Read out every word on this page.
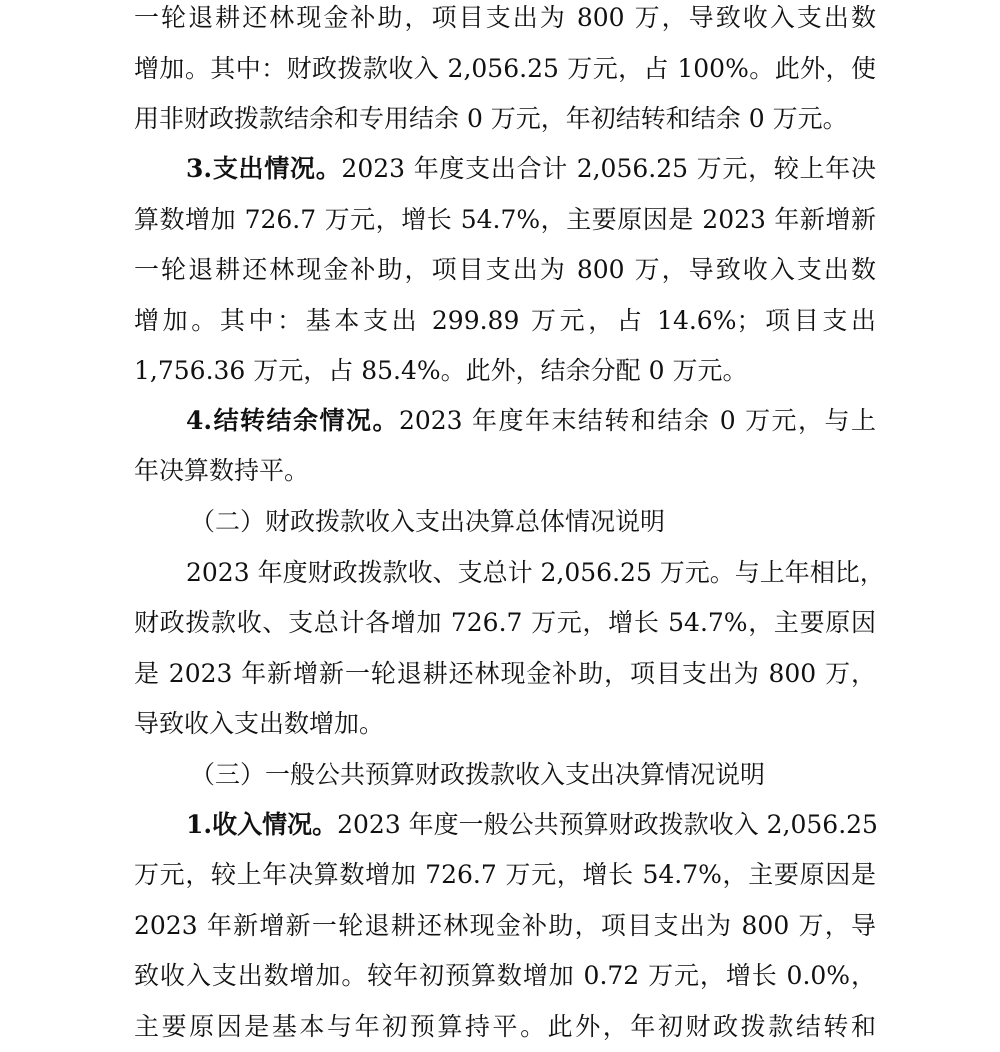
一轮退耕还林现金补助，项目支出为 800 万，导致收入支出数
增加。其中：财政拨款收入 2,056.25 万元，占 100%。此外，使
用非财政拨款结余和专用结余 0 万元，年初结转和结余 0 万元。
3.支出情况。2023 年度支出合计 2,056.25 万元，较上年决
算数增加 726.7 万元，增长 54.7%，主要原因是 2023 年新增新
一轮退耕还林现金补助，项目支出为 800 万，导致收入支出数
增加。其中：基本支出 299.89 万元，占 14.6%；项目支出
1,756.36 万元，占 85.4%。此外，结余分配 0 万元。
4.结转结余情况。2023 年度年末结转和结余 0 万元，与上
年决算数持平。
（二）财政拨款收入支出决算总体情况说明
2023 年度财政拨款收、支总计 2,056.25 万元。与上年相比，
财政拨款收、支总计各增加 726.7 万元，增长 54.7%，主要原因
是 2023 年新增新一轮退耕还林现金补助，项目支出为 800 万，
导致收入支出数增加。
（三）一般公共预算财政拨款收入支出决算情况说明
1.收入情况。2023 年度一般公共预算财政拨款收入 2,056.25
万元，较上年决算数增加 726.7 万元，增长 54.7%，主要原因是
2023 年新增新一轮退耕还林现金补助，项目支出为 800 万，导
致收入支出数增加。较年初预算数增加 0.72 万元，增长 0.0%，
主要原因是基本与年初预算持平。此外，年初财政拨款结转和
